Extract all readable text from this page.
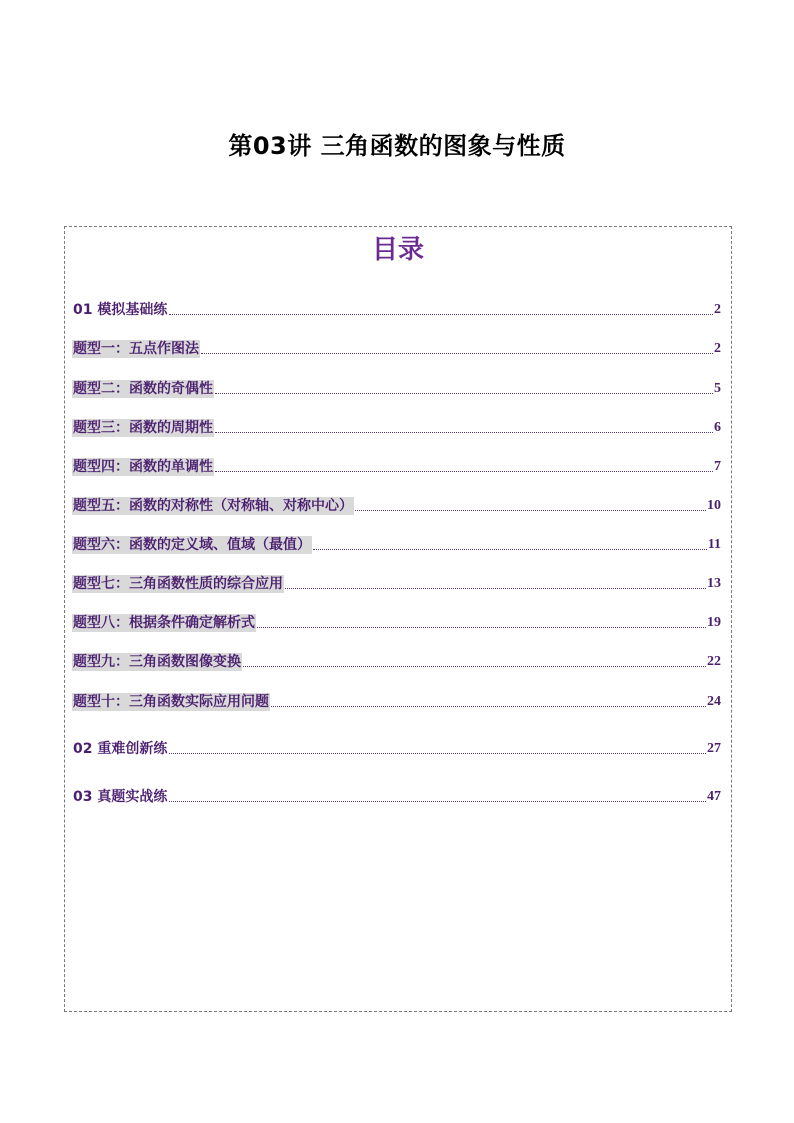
第03讲 三角函数的图象与性质
目录
01 模拟基础练	2
题型一：五点作图法	2
题型二：函数的奇偶性	5
题型三：函数的周期性	6
题型四：函数的单调性	7
题型五：函数的对称性（对称轴、对称中心）	10
题型六：函数的定义域、值域（最值）	11
题型七：三角函数性质的综合应用	13
题型八：根据条件确定解析式	19
题型九：三角函数图像变换	22
题型十：三角函数实际应用问题	24
02 重难创新练	27
03 真题实战练	47
